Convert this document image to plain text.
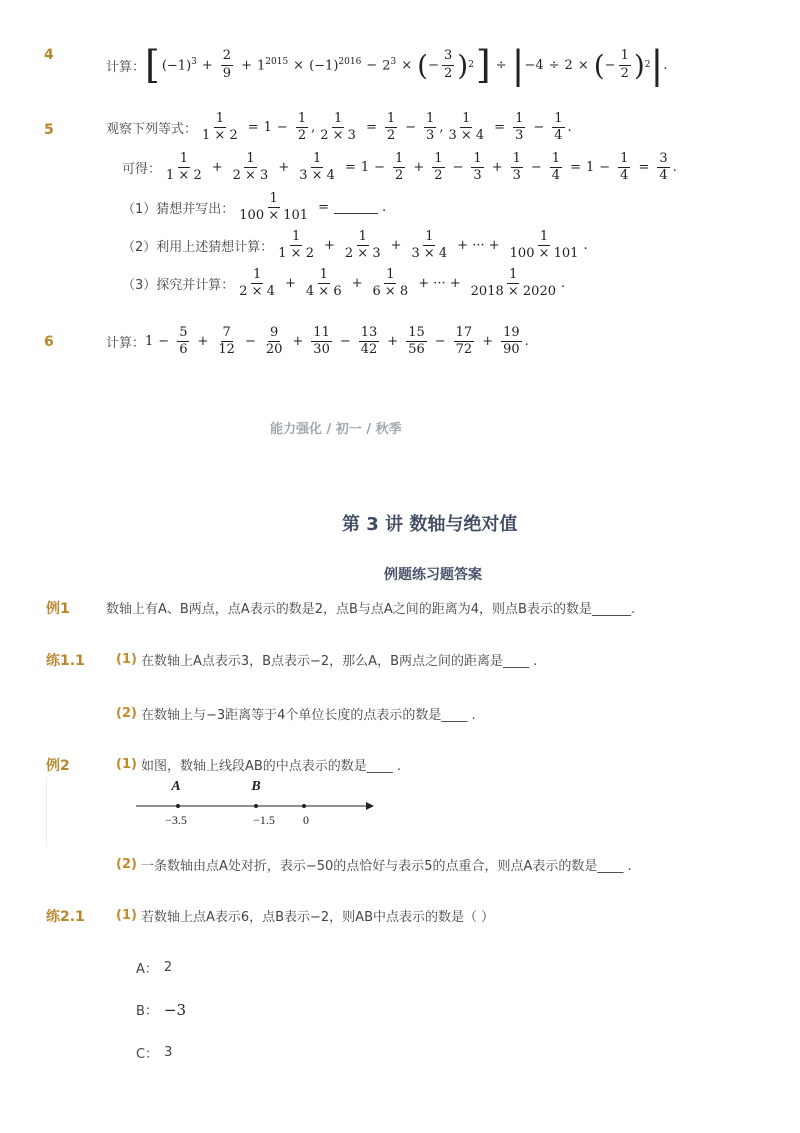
4
计算： [ $(-1)^3 + \frac{2}{9} + 1^{2015} \times (-1)^{2016} - 2^3$ × ( − $\frac{3}{2}$ ) 2 ] ÷ | −4 ÷ 2 × ( − $\frac{1}{2}$ ) 2 | .
5	观察下列等式： $\frac{1}{1 \times 2} = 1 - \frac{1}{2}$ , $\frac{1}{2 \times 3} = \frac{1}{2} - \frac{1}{3}$ , $\frac{1}{3 \times 4} = \frac{1}{3} - \frac{1}{4}$ .
可得： $\frac{1}{1 \times 2} + \frac{1}{2 \times 3} + \frac{1}{3 \times 4} = 1 - \frac{1}{2} + \frac{1}{2} - \frac{1}{3} + \frac{1}{3} - \frac{1}{4} = 1 - \frac{1}{4} = \frac{3}{4}$ .
（1）猜想并写出： $\frac{1}{100 \times 101}$ =	.
（2）利用上述猜想计算： $\frac{1}{1 \times 2} + \frac{1}{2 \times 3} + \frac{1}{3 \times 4}$ + ··· + $\frac{1}{100 \times 101}$ .
（3）探究并计算： $\frac{1}{2 \times 4} + \frac{1}{4 \times 6} + \frac{1}{6 \times 8}$ + ··· + $\frac{1}{2018 \times 2020}$ .
6	计算： $1 - \frac{5}{6} + \frac{7}{12} - \frac{9}{20} + \frac{11}{30} - \frac{13}{42} + \frac{15}{56} - \frac{17}{72} + \frac{19}{90}$ .
能力强化 / 初一 / 秋季
第 3 讲 数轴与绝对值
例题练习题答案
例1	数轴上有A、B两点，点A表示的数是2，点B与点A之间的距离为4，则点B表示的数是______.
练1.1 (1) 在数轴上A点表示3，B点表示−2，那么A，B两点之间的距离是____ .
(2) 在数轴上与−3距离等于4个单位长度的点表示的数是____ .
例2	(1) 如图，数轴上线段AB的中点表示的数是____ .
A	B
−3.5	−1.5 0
(2) 一条数轴由点A处对折，表示−50的点恰好与表示5的点重合，则点A表示的数是____ .
练2.1 (1) 若数轴上点A表示6，点B表示−2，则AB中点表示的数是（ ）
A： 2
B： −3
C： 3
